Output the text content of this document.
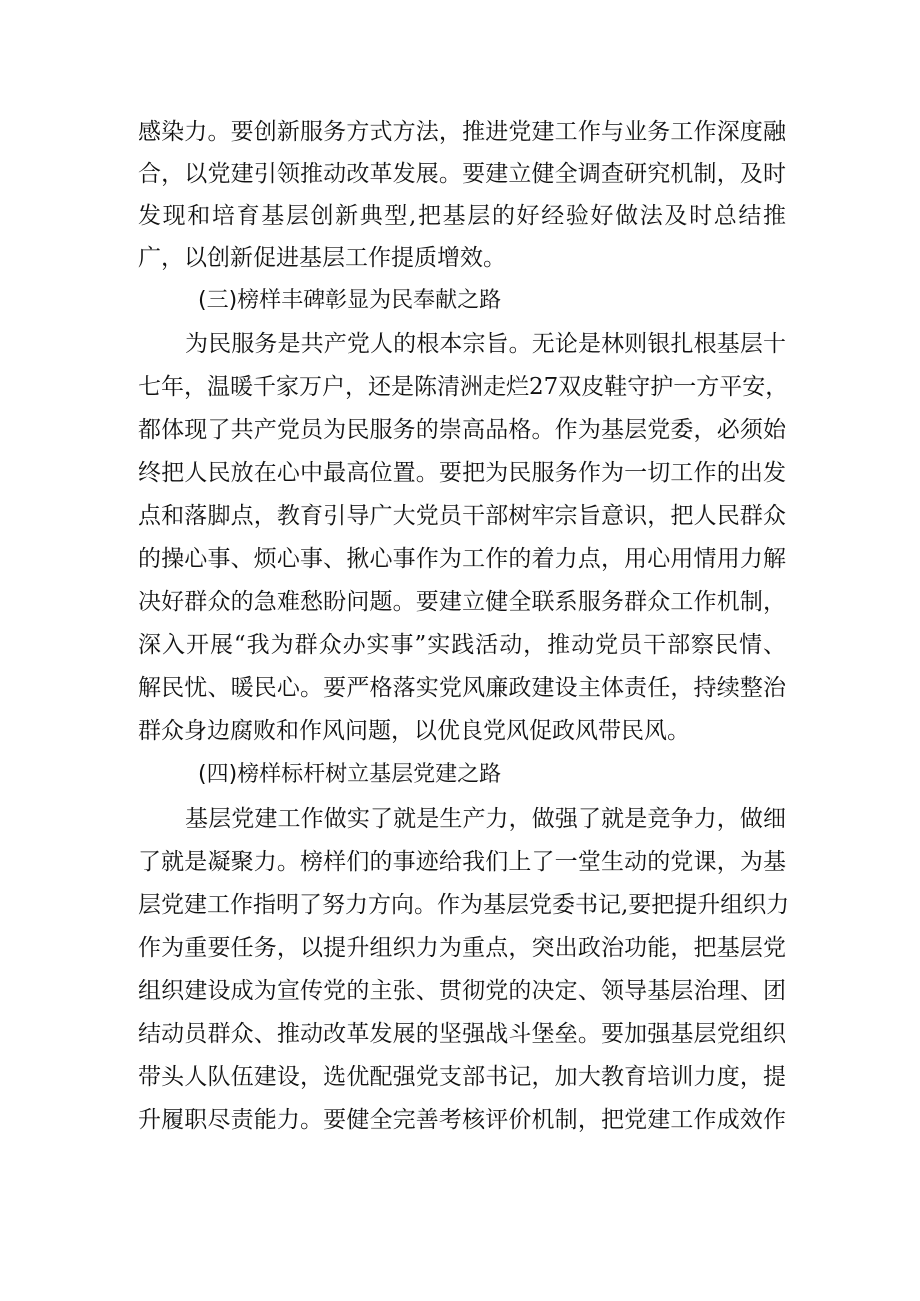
感染力。要创新服务方式方法，推进党建工作与业务工作深度融
合，以党建引领推动改革发展。要建立健全调查研究机制，及时
发现和培育基层创新典型,把基层的好经验好做法及时总结推
广，以创新促进基层工作提质增效。
(三)榜样丰碑彰显为民奉献之路
为民服务是共产党人的根本宗旨。无论是林则银扎根基层十
七年，温暖千家万户，还是陈清洲走烂27双皮鞋守护一方平安，
都体现了共产党员为民服务的崇高品格。作为基层党委，必须始
终把人民放在心中最高位置。要把为民服务作为一切工作的出发
点和落脚点，教育引导广大党员干部树牢宗旨意识，把人民群众
的操心事、烦心事、揪心事作为工作的着力点，用心用情用力解
决好群众的急难愁盼问题。要建立健全联系服务群众工作机制，
深入开展“我为群众办实事”实践活动，推动党员干部察民情、
解民忧、暖民心。要严格落实党风廉政建设主体责任，持续整治
群众身边腐败和作风问题，以优良党风促政风带民风。
(四)榜样标杆树立基层党建之路
基层党建工作做实了就是生产力，做强了就是竞争力，做细
了就是凝聚力。榜样们的事迹给我们上了一堂生动的党课，为基
层党建工作指明了努力方向。作为基层党委书记,要把提升组织力
作为重要任务，以提升组织力为重点，突出政治功能，把基层党
组织建设成为宣传党的主张、贯彻党的决定、领导基层治理、团
结动员群众、推动改革发展的坚强战斗堡垒。要加强基层党组织
带头人队伍建设，选优配强党支部书记，加大教育培训力度，提
升履职尽责能力。要健全完善考核评价机制，把党建工作成效作
